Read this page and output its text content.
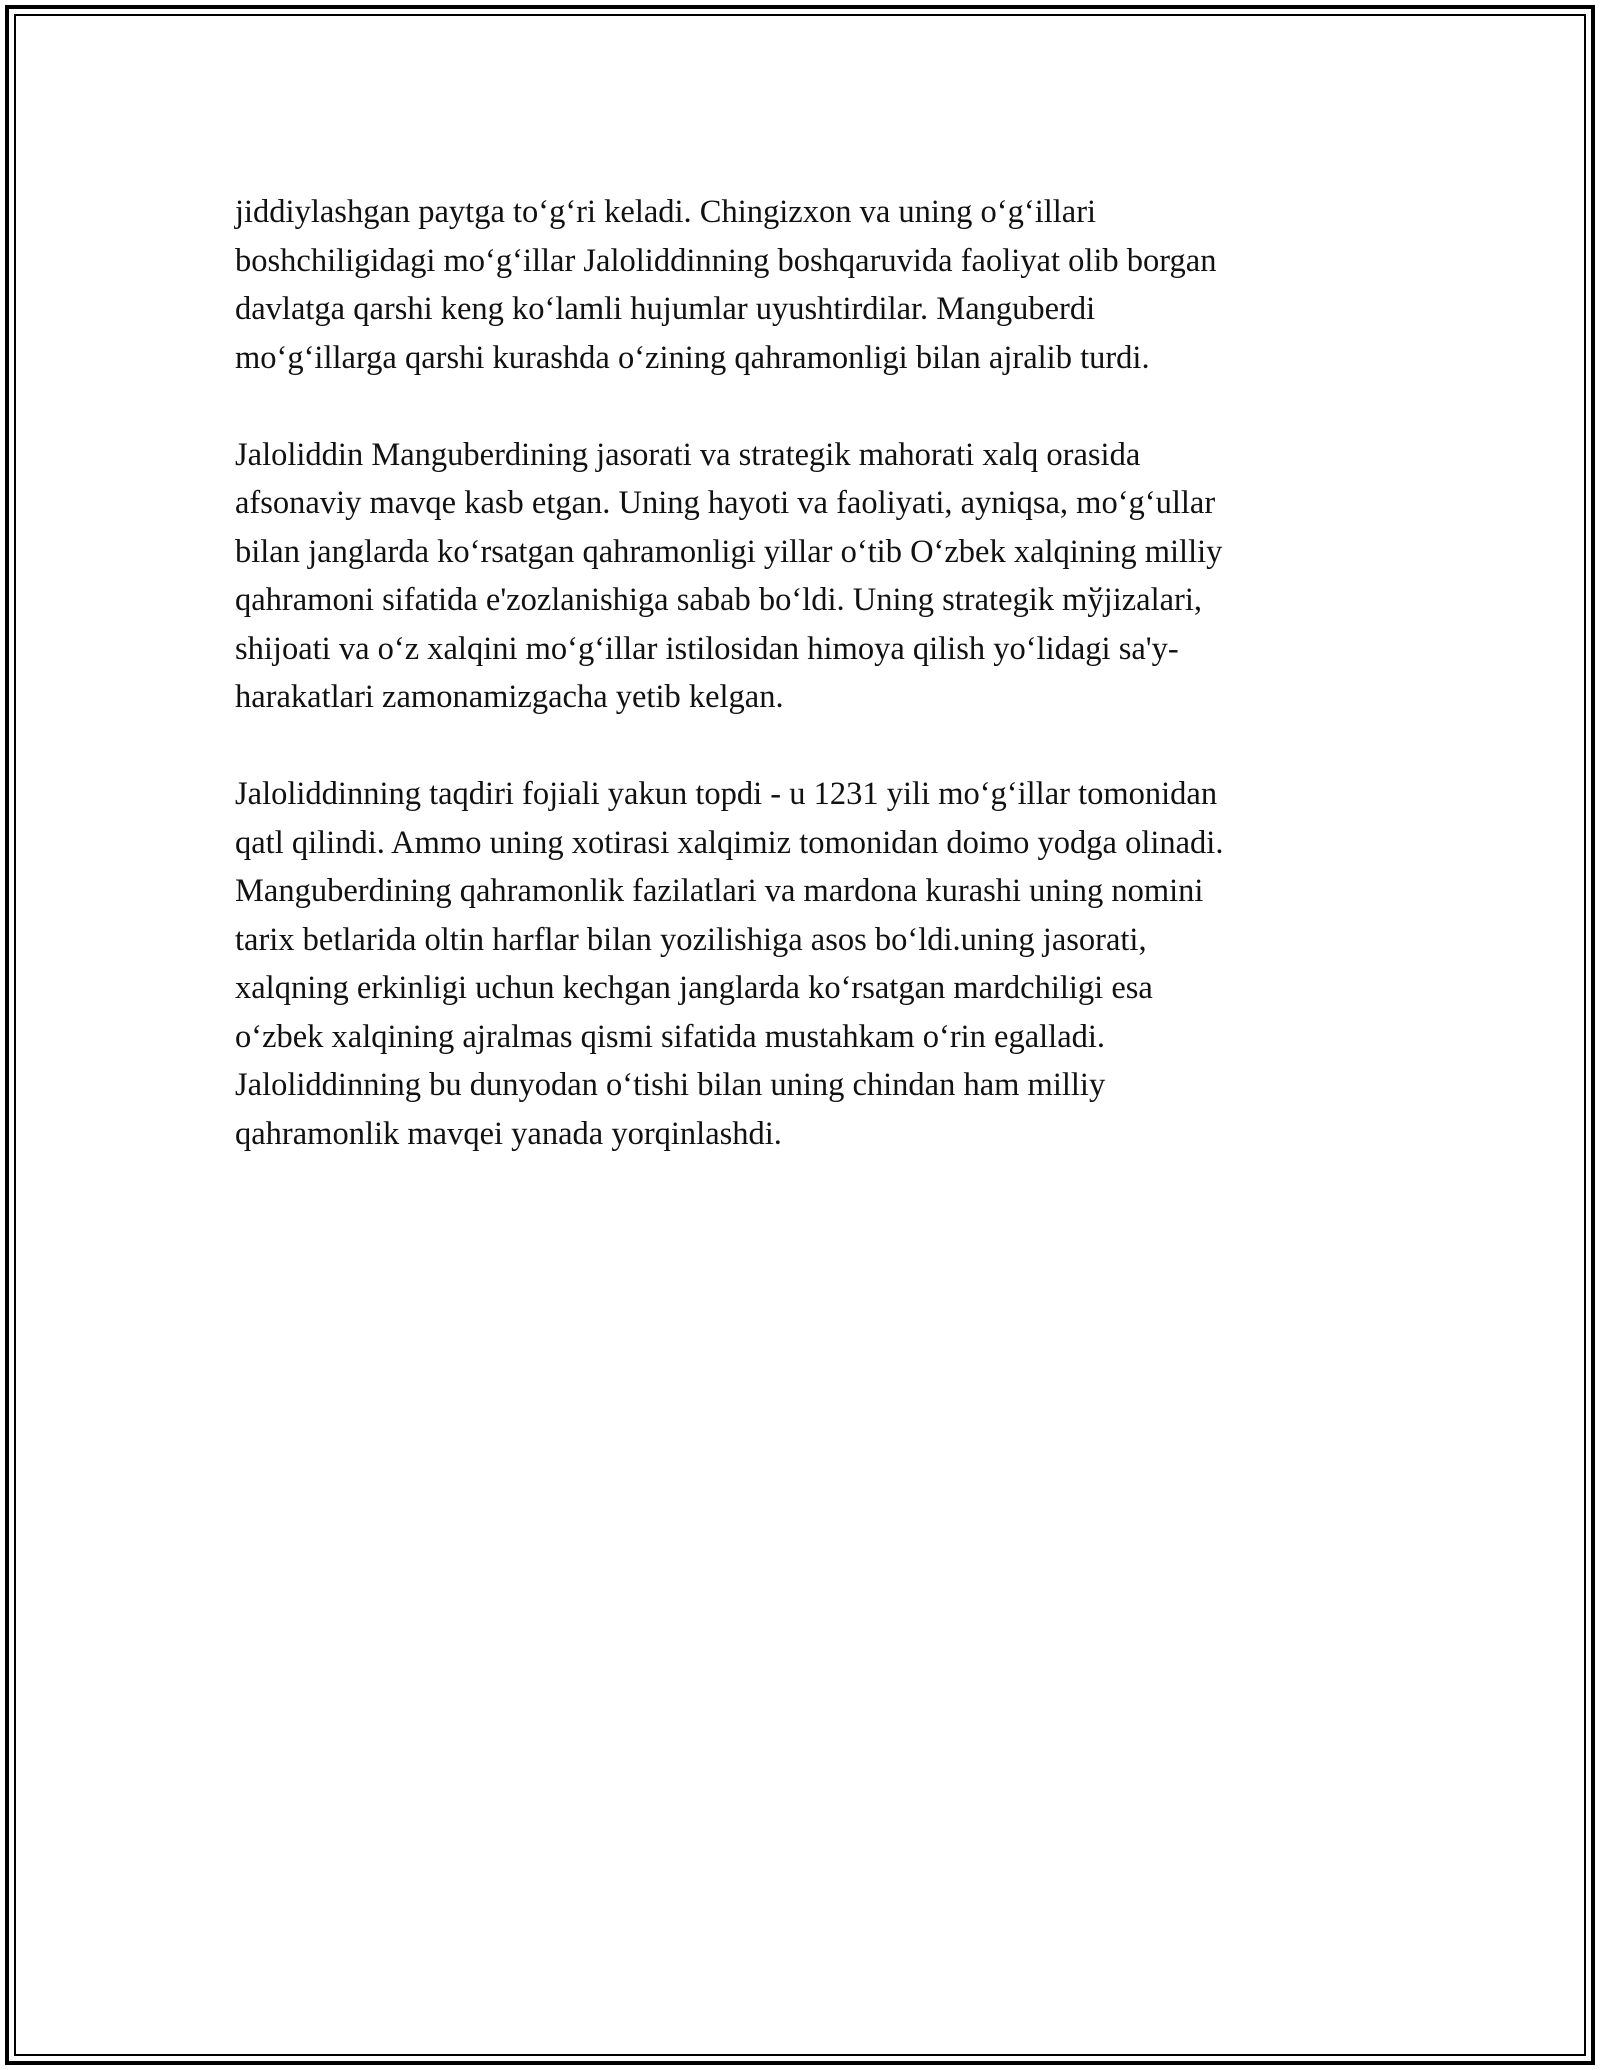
jiddiylashgan paytga to‘g‘ri keladi. Chingizxon va uning o‘g‘illari
boshchiligidagi mo‘g‘illar Jaloliddinning boshqaruvida faoliyat olib borgan
davlatga qarshi keng ko‘lamli hujumlar uyushtirdilar. Manguberdi
mo‘g‘illarga qarshi kurashda o‘zining qahramonligi bilan ajralib turdi.

Jaloliddin Manguberdining jasorati va strategik mahorati xalq orasida
afsonaviy mavqe kasb etgan. Uning hayoti va faoliyati, ayniqsa, mo‘g‘ullar
bilan janglarda ko‘rsatgan qahramonligi yillar o‘tib O‘zbek xalqining milliy
qahramoni sifatida e'zozlanishiga sabab bo‘ldi. Uning strategik mўjizalari,
shijoati va o‘z xalqini mo‘g‘illar istilosidan himoya qilish yo‘lidagi sa'y-
harakatlari zamonamizgacha yetib kelgan.

Jaloliddinning taqdiri fojiali yakun topdi - u 1231 yili mo‘g‘illar tomonidan
qatl qilindi. Ammo uning xotirasi xalqimiz tomonidan doimo yodga olinadi.
Manguberdining qahramonlik fazilatlari va mardona kurashi uning nomini
tarix betlarida oltin harflar bilan yozilishiga asos bo‘ldi.uning jasorati,
xalqning erkinligi uchun kechgan janglarda ko‘rsatgan mardchiligi esa
o‘zbek xalqining ajralmas qismi sifatida mustahkam o‘rin egalladi.
Jaloliddinning bu dunyodan o‘tishi bilan uning chindan ham milliy
qahramonlik mavqei yanada yorqinlashdi.
